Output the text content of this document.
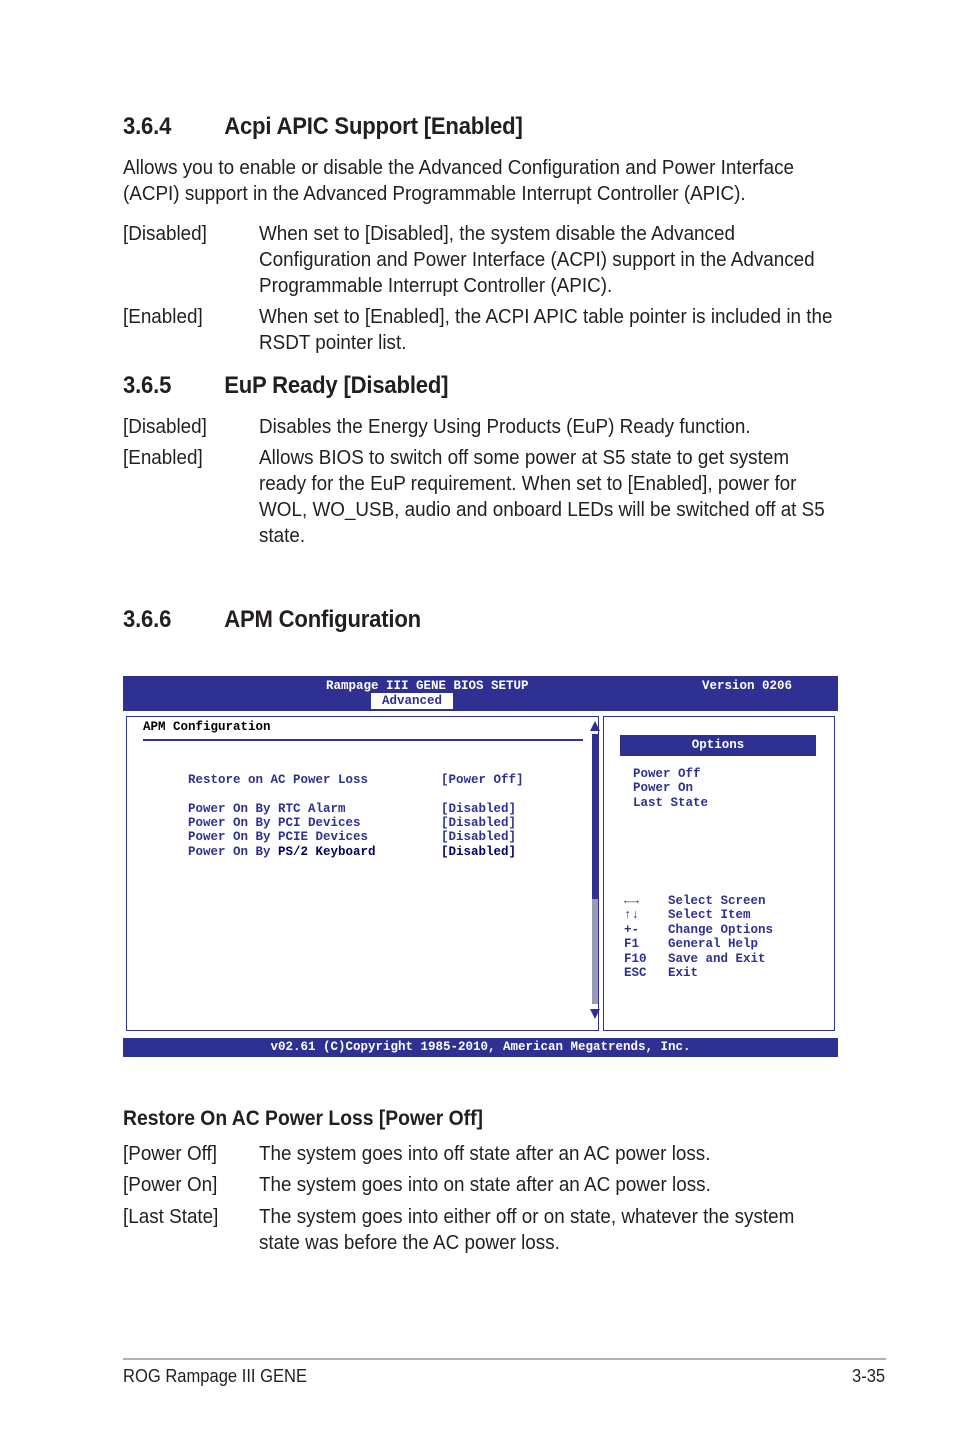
3.6.4 Acpi APIC Support [Enabled]
Allows you to enable or disable the Advanced Configuration and Power Interface (ACPI) support in the Advanced Programmable Interrupt Controller (APIC).
[Disabled]	When set to [Disabled], the system disable the Advanced Configuration and Power Interface (ACPI) support in the Advanced Programmable Interrupt Controller (APIC).
[Enabled]	When set to [Enabled], the ACPI APIC table pointer is included in the RSDT pointer list.
3.6.5 EuP Ready [Disabled]
[Disabled]	Disables the Energy Using Products (EuP) Ready function.
[Enabled]	Allows BIOS to switch off some power at S5 state to get system ready for the EuP requirement. When set to [Enabled], power for WOL, WO_USB, audio and onboard LEDs will be switched off at S5 state.
3.6.6 APM Configuration
Rampage III GENE BIOS SETUP	Version 0206
Advanced
APM Configuration

Restore on AC Power Loss	[Power Off]

Power On By RTC Alarm	[Disabled]

Power On By PCI Devices	[Disabled]

Power On By PCIE Devices	[Disabled]

Power On By PS/2 Keyboard	[Disabled]

Options
Power Off
Power On
Last State
←→ Select Screen
↑↓ Select Item
+- Change Options
F1 General Help
F10 Save and Exit
ESC Exit
v02.61 (C)Copyright 1985-2010, American Megatrends, Inc.
Restore On AC Power Loss [Power Off]
[Power Off] The system goes into off state after an AC power loss.
[Power On] The system goes into on state after an AC power loss.
[Last State] The system goes into either off or on state, whatever the system state was before the AC power loss.
ROG Rampage III GENE	3-35
